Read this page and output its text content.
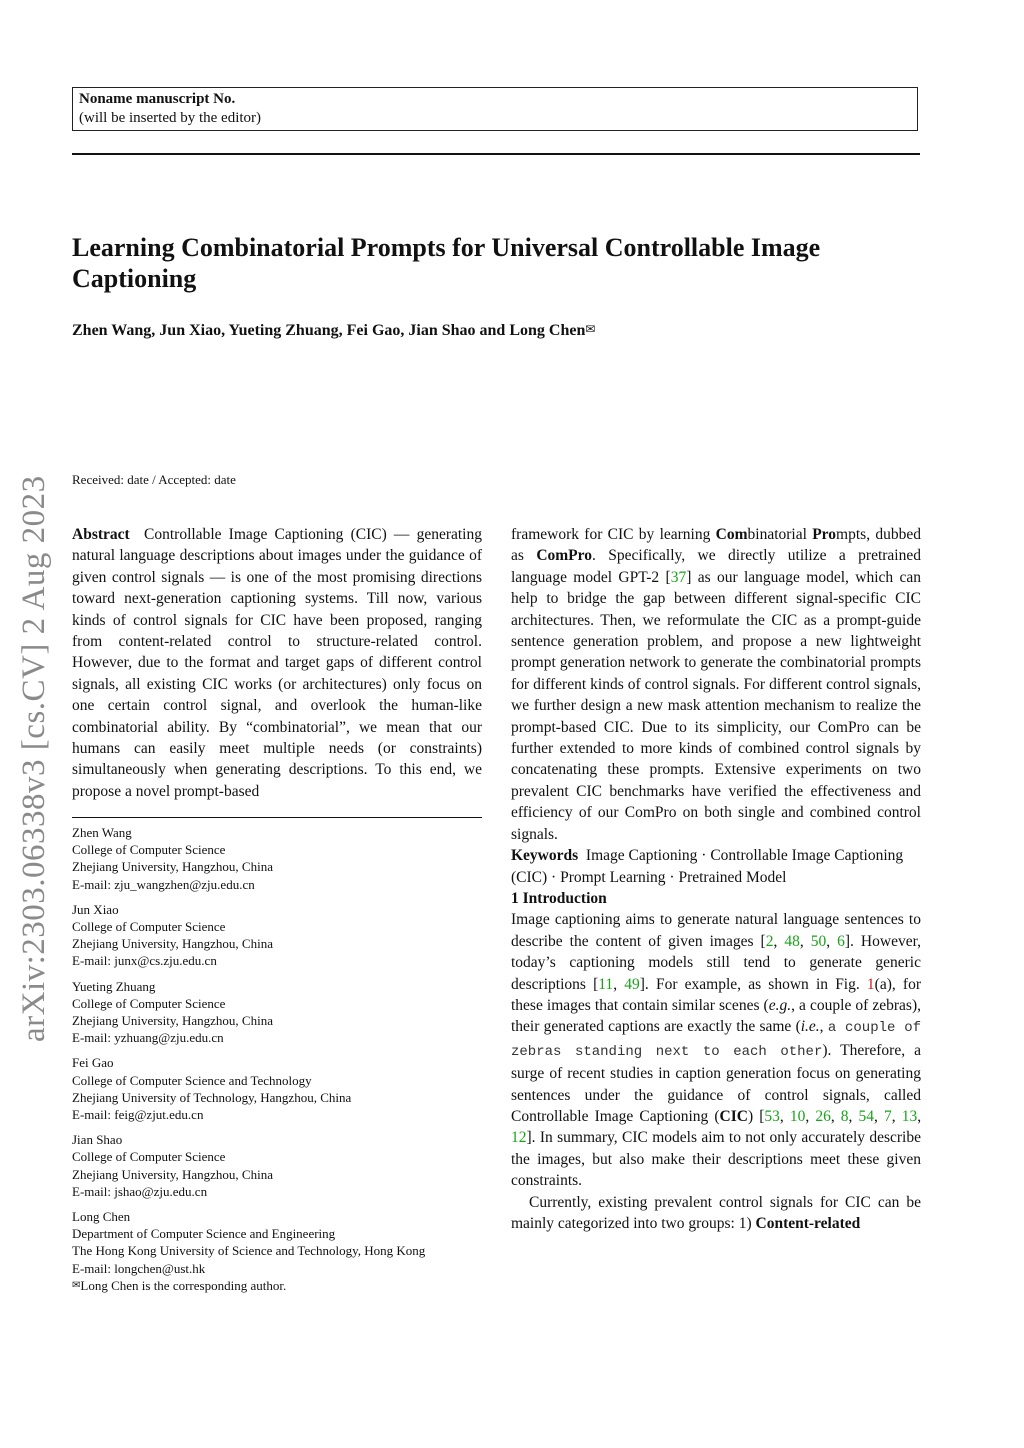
Noname manuscript No.
(will be inserted by the editor)
Learning Combinatorial Prompts for Universal Controllable Image Captioning
Zhen Wang, Jun Xiao, Yueting Zhuang, Fei Gao, Jian Shao and Long Chen✉
arXiv:2303.06338v3 [cs.CV] 2 Aug 2023 Received: date / Accepted: date

Abstract Controllable Image Captioning (CIC) — generating natural language descriptions about images under the guidance of given control signals — is one of the most promising directions toward next-generation captioning systems. Till now, various kinds of control signals for CIC have been proposed, ranging from content-related control to structure-related control. However, due to the format and target gaps of different control signals, all existing CIC works (or architectures) only focus on one certain control signal, and overlook the human-like combinatorial ability. By “combinatorial”, we mean that our humans can easily meet multiple needs (or constraints) simultaneously when generating descriptions. To this end, we propose a novel prompt-based

Zhen Wang
College of Computer Science
Zhejiang University, Hangzhou, China
E-mail: zju_wangzhen@zju.edu.cn
Jun Xiao
College of Computer Science
Zhejiang University, Hangzhou, China
E-mail: junx@cs.zju.edu.cn
Yueting Zhuang
College of Computer Science
Zhejiang University, Hangzhou, China
E-mail: yzhuang@zju.edu.cn
Fei Gao
College of Computer Science and Technology
Zhejiang University of Technology, Hangzhou, China
E-mail: feig@zjut.edu.cn
Jian Shao
College of Computer Science
Zhejiang University, Hangzhou, China
E-mail: jshao@zju.edu.cn
Long Chen
Department of Computer Science and Engineering
The Hong Kong University of Science and Technology, Hong Kong
E-mail: longchen@ust.hk
✉Long Chen is the corresponding author.

framework for CIC by learning Combinatorial Prompts, dubbed as ComPro. Specifically, we directly utilize a pretrained language model GPT-2 [37] as our language model, which can help to bridge the gap between different signal-specific CIC architectures. Then, we reformulate the CIC as a prompt-guide sentence generation problem, and propose a new lightweight prompt generation network to generate the combinatorial prompts for different kinds of control signals. For different control signals, we further design a new mask attention mechanism to realize the prompt-based CIC. Due to its simplicity, our ComPro can be further extended to more kinds of combined control signals by concatenating these prompts. Extensive experiments on two prevalent CIC benchmarks have verified the effectiveness and efficiency of our ComPro on both single and combined control signals.

Keywords Image Captioning · Controllable Image Captioning (CIC) · Prompt Learning · Pretrained Model

1 Introduction

Image captioning aims to generate natural language sentences to describe the content of given images [2, 48, 50, 6]. However, today’s captioning models still tend to generate generic descriptions [11, 49]. For example, as shown in Fig. 1(a), for these images that contain similar scenes (e.g., a couple of zebras), their generated captions are exactly the same (i.e., a couple of zebras standing next to each other). Therefore, a surge of recent studies in caption generation focus on generating sentences under the guidance of control signals, called Controllable Image Captioning (CIC) [53, 10, 26, 8, 54, 7, 13, 12]. In summary, CIC models aim to not only accurately describe the images, but also make their descriptions meet these given constraints.

Currently, existing prevalent control signals for CIC can be mainly categorized into two groups: 1) Content-related
